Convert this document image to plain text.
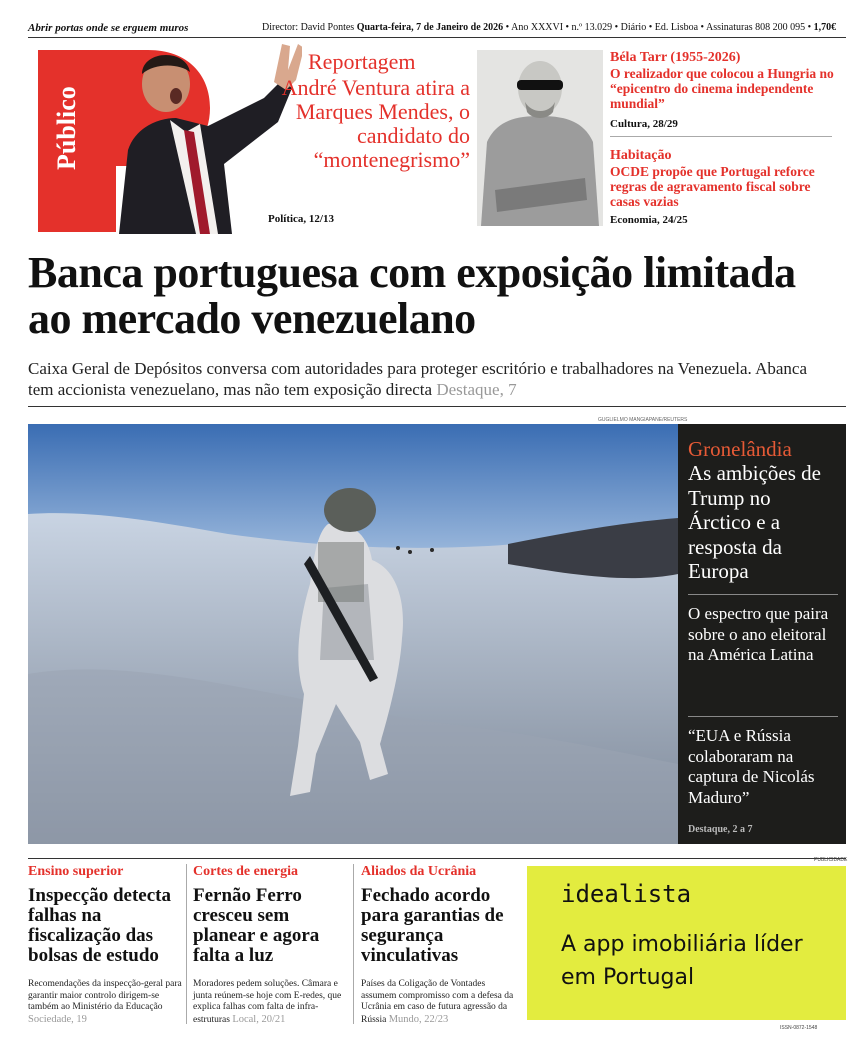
Abrir portas onde se erguem muros	Director: David Pontes Quarta-feira, 7 de Janeiro de 2026 • Ano XXXVI • n.º 13.029 • Diário • Ed. Lisboa • Assinaturas 808 200 095 • 1,70€
Público
Reportagem
André Ventura atira a Marques Mendes, o candidato do “montenegrismo”
Política, 12/13
Béla Tarr (1955-2026)
O realizador que colocou a Hungria no “epicentro do cinema independente mundial”
Cultura, 28/29
Habitação
OCDE propõe que Portugal reforce regras de agravamento fiscal sobre casas vazias
Economia, 24/25
Banca portuguesa com exposição limitada ao mercado venezuelano
Caixa Geral de Depósitos conversa com autoridades para proteger escritório e trabalhadores na Venezuela. Abanca tem accionista venezuelano, mas não tem exposição directa Destaque, 7
GUGLIELMO MANGIAPANE/REUTERS
Gronelândia
As ambições de Trump no Árctico e a resposta da Europa
O espectro que paira sobre o ano eleitoral na América Latina
“EUA e Rússia colaboraram na captura de Nicolás Maduro”
Destaque, 2 a 7
Ensino superior
Inspecção detecta falhas na fiscalização das bolsas de estudo
Recomendações da inspecção-geral para garantir maior controlo dirigem-se também ao Ministério da Educação Sociedade, 19
Cortes de energia
Fernão Ferro cresceu sem planear e agora falta a luz
Moradores pedem soluções. Câmara e junta reúnem-se hoje com E-redes, que explica falhas com falta de infra-estruturas Local, 20/21
Aliados da Ucrânia
Fechado acordo para garantias de segurança vinculativas
Países da Coligação de Vontades assumem compromisso com a defesa da Ucrânia em caso de futura agressão da Rússia Mundo, 22/23
PUBLICIDADE
idealista
A app imobiliária líder em Portugal
ISSN-0872-1548
